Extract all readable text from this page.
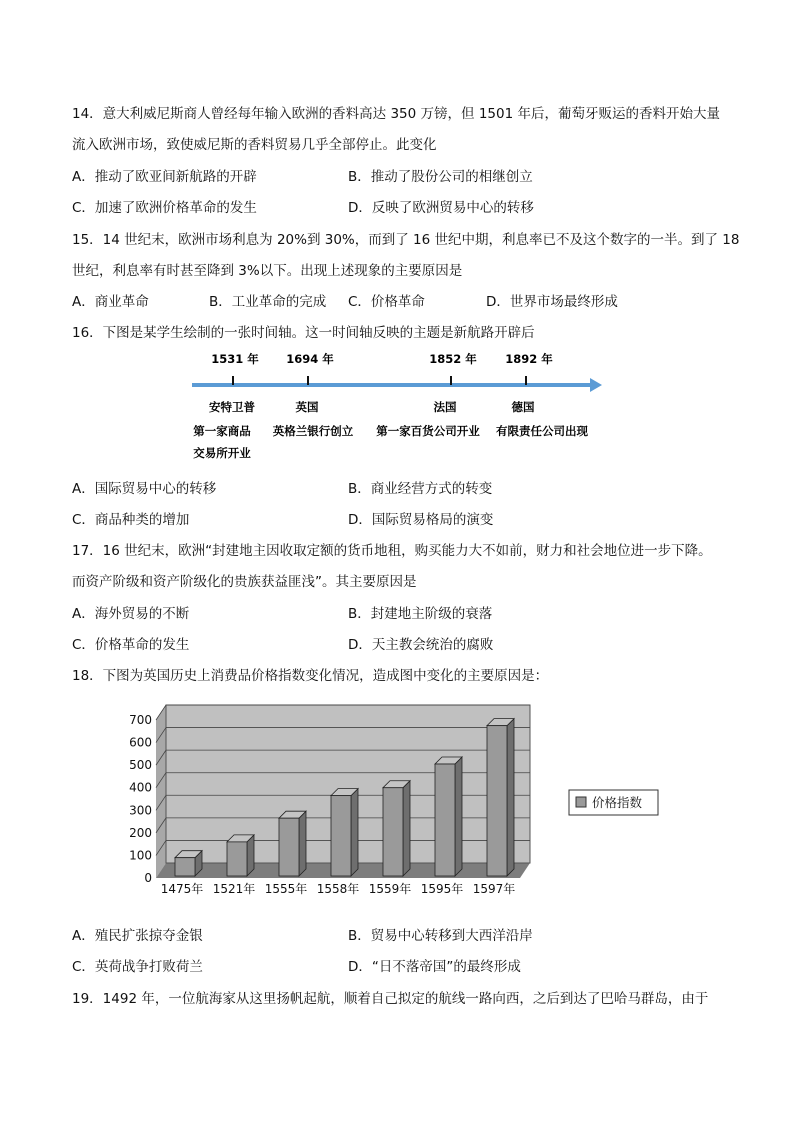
14．意大利威尼斯商人曾经每年输入欧洲的香料高达 350 万镑，但 1501 年后，葡萄牙贩运的香料开始大量
流入欧洲市场，致使威尼斯的香料贸易几乎全部停止。此变化
A．推动了欧亚间新航路的开辟	B．推动了股份公司的相继创立
C．加速了欧洲价格革命的发生	D．反映了欧洲贸易中心的转移
15．14 世纪末，欧洲市场利息为 20%到 30%，而到了 16 世纪中期，利息率已不及这个数字的一半。到了 18
世纪，利息率有时甚至降到 3%以下。出现上述现象的主要原因是
A．商业革命	B．工业革命的完成 C．价格革命	D．世界市场最终形成
16．下图是某学生绘制的一张时间轴。这一时间轴反映的主题是新航路开辟后
1531 年
安特卫普
第一家商品
交易所开业
1694 年
英国
英格兰银行创立
1852 年
法国
第一家百货公司开业
1892 年
德国
有限责任公司出现
A．国际贸易中心的转移	B．商业经营方式的转变
C．商品种类的增加	D．国际贸易格局的演变
17．16 世纪末，欧洲“封建地主因收取定额的货币地租，购买能力大不如前，财力和社会地位进一步下降。
而资产阶级和资产阶级化的贵族获益匪浅”。其主要原因是
A．海外贸易的不断	B．封建地主阶级的衰落
C．价格革命的发生	D．天主教会统治的腐败
18．下图为英国历史上消费品价格指数变化情况，造成图中变化的主要原因是：
0
100
200
300
400
500
600
700
1475年 1521年 1555年 1558年 1559年 1595年 1597年
价格指数
A．殖民扩张掠夺金银	B．贸易中心转移到大西洋沿岸
C．英荷战争打败荷兰	D．“日不落帝国”的最终形成
19．1492 年，一位航海家从这里扬帆起航，顺着自己拟定的航线一路向西，之后到达了巴哈马群岛，由于
